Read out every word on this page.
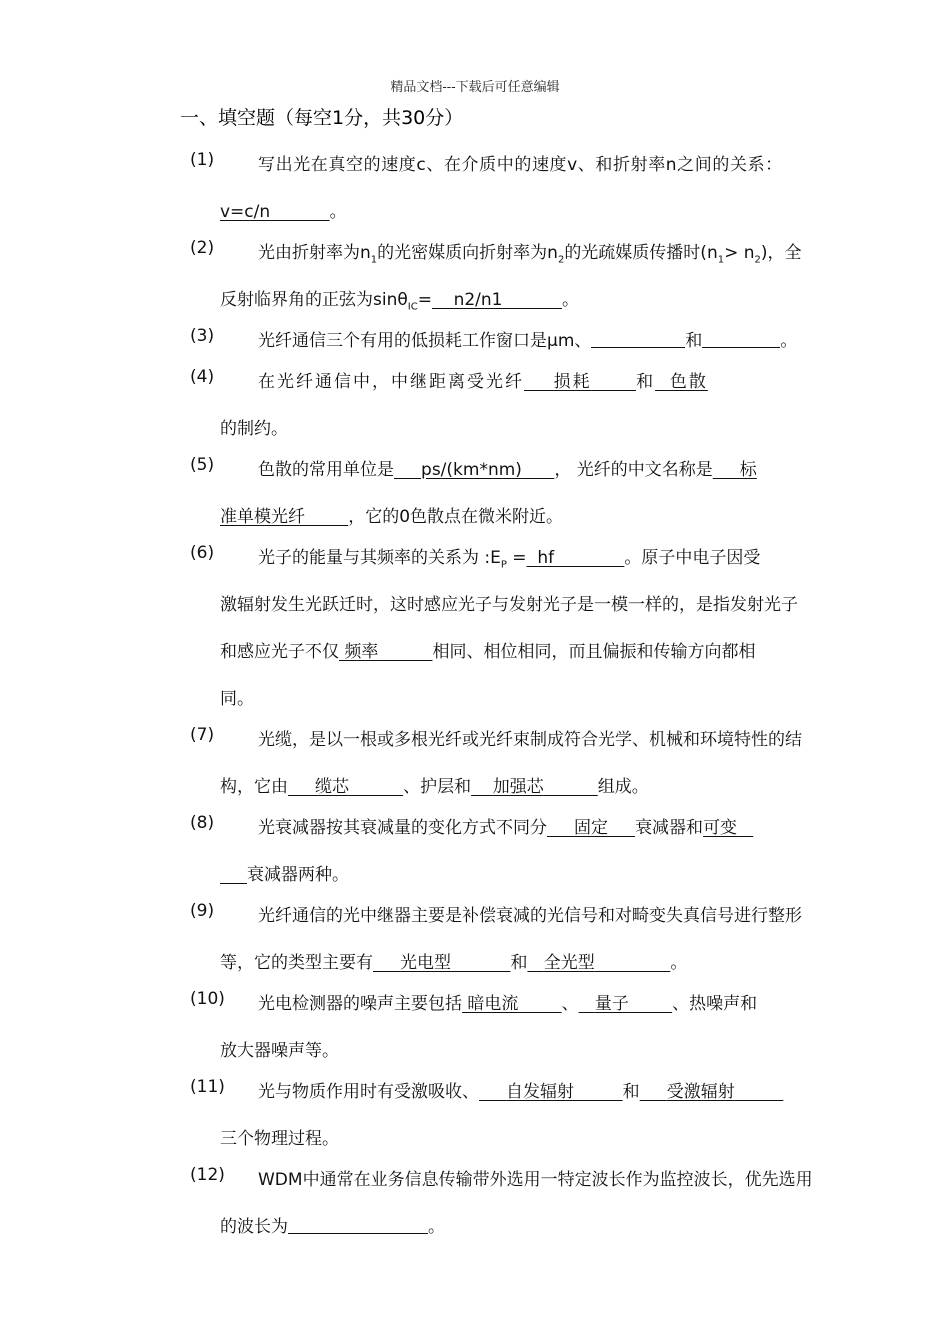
精品文档---下载后可任意编辑
一、填空题（每空1分，共30分）
(1)	写出光在真空的速度c、在介质中的速度v、和折射率n之间的关系：
v=c/n	。
(2)	光由折射率为$n_1$的光密媒质向折射率为$n_2$的光疏媒质传播时$(n_1> n_2)$，全
反射临界角的正弦为sinθ$_{IC}$= n2/n1	。
(3)	光纤通信三个有用的低损耗工作窗口是μm、	和	。
(4)	在光纤通信中，中继距离受光纤 损耗	和 色散
的制约。
(5)	色散的常用单位是 ps/(km*nm) ， 光纤的中文名称是 标
准单模光纤	，它的0色散点在微米附近。
(6)	光子的能量与其频率的关系为 $:E_P$ = hf	。原子中电子因受
激辐射发生光跃迁时，这时感应光子与发射光子是一模一样的，是指发射光子
和感应光子不仅 频率	相同、相位相同，而且偏振和传输方向都相
同。
(7)	光缆，是以一根或多根光纤或光纤束制成符合光学、机械和环境特性的结
构，它由 缆芯	、护层和 加强芯	组成。
(8)	光衰减器按其衰减量的变化方式不同分 固定 衰减器和可变
衰减器两种。
(9)	光纤通信的光中继器主要是补偿衰减的光信号和对畸变失真信号进行整形
等，它的类型主要有 光电型	和 全光型	。
(10) 光电检测器的噪声主要包括 暗电流	、 量子	、热噪声和
放大器噪声等。
(11) 光与物质作用时有受激吸收、 自发辐射	和 受激辐射
三个物理过程。
(12) WDM中通常在业务信息传输带外选用一特定波长作为监控波长，优先选用
的波长为	。
